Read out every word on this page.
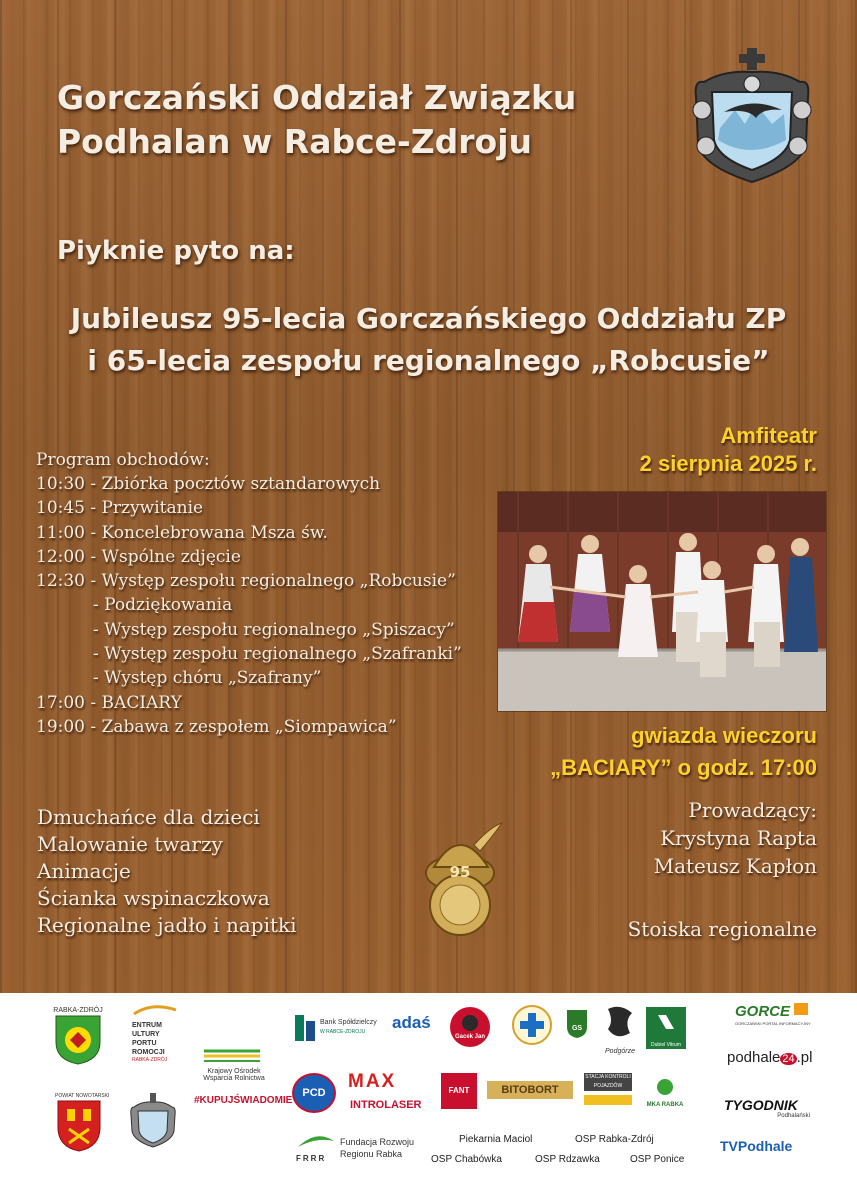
Gorczański Oddział Związku
Podhalan w Rabce-Zdroju

Piyknie pyto na:

Jubileusz 95-lecia Gorczańskiego Oddziału ZP
i 65-lecia zespołu regionalnego „Robcusie”
Amfiteatr
2 sierpnia 2025 r.

Program obchodów:

10:30 - Zbiórka pocztów sztandarowych
10:45 - Przywitanie
11:00 - Koncelebrowana Msza św.
12:00 - Wspólne zdjęcie
12:30 - Występ zespołu regionalnego „Robcusie”
- Podziękowania
- Występ zespołu regionalnego „Spiszacy”
- Występ zespołu regionalnego „Szafranki”
- Występ chóru „Szafrany”
17:00 - BACIARY
19:00 - Zabawa z zespołem „Siompawica”	gwiazda wieczoru
„BACIARY” o godz. 17:00
Dmuchańce dla dzieci
Malowanie twarzy
Animacje
Ścianka wspinaczkowa
Regionalne jadło i napitki
95
Prowadzący:
Krystyna Rapta
Mateusz Kapłon

Stoiska regionalne

RABKA-ZDRÓJ
ENTRUM
ULTURY
PORTU
ROMOCJI
RABKA-ZDRÓJ
POWIAT NOWOTARSKI
Krajowy Ośrodek
Wsparcia Rolnictwa
#KUPUJŚWIADOMIE
Bank Spółdzielczy
W RABCE-ZDROJU adaś
Gacek Jan
GS
Podgórze
Dubiel Vitrum
GORCE
GORCZAŃSKI PORTAL INFORMACYJNY
podhale 24 .pl
PCD
MAX
INTROLASER
FANT	BITOBORT
STACJA KONTROLI
POJAZDÓW
MKA RABKA	TYGODNIK
Podhalański
FRRR
Fundacja Rozwoju
Regionu Rabka
Piekarnia Maciol	OSP Rabka-Zdrój
OSP Chabówka	OSP Rdzawka	OSP Ponice
TVPodhale
